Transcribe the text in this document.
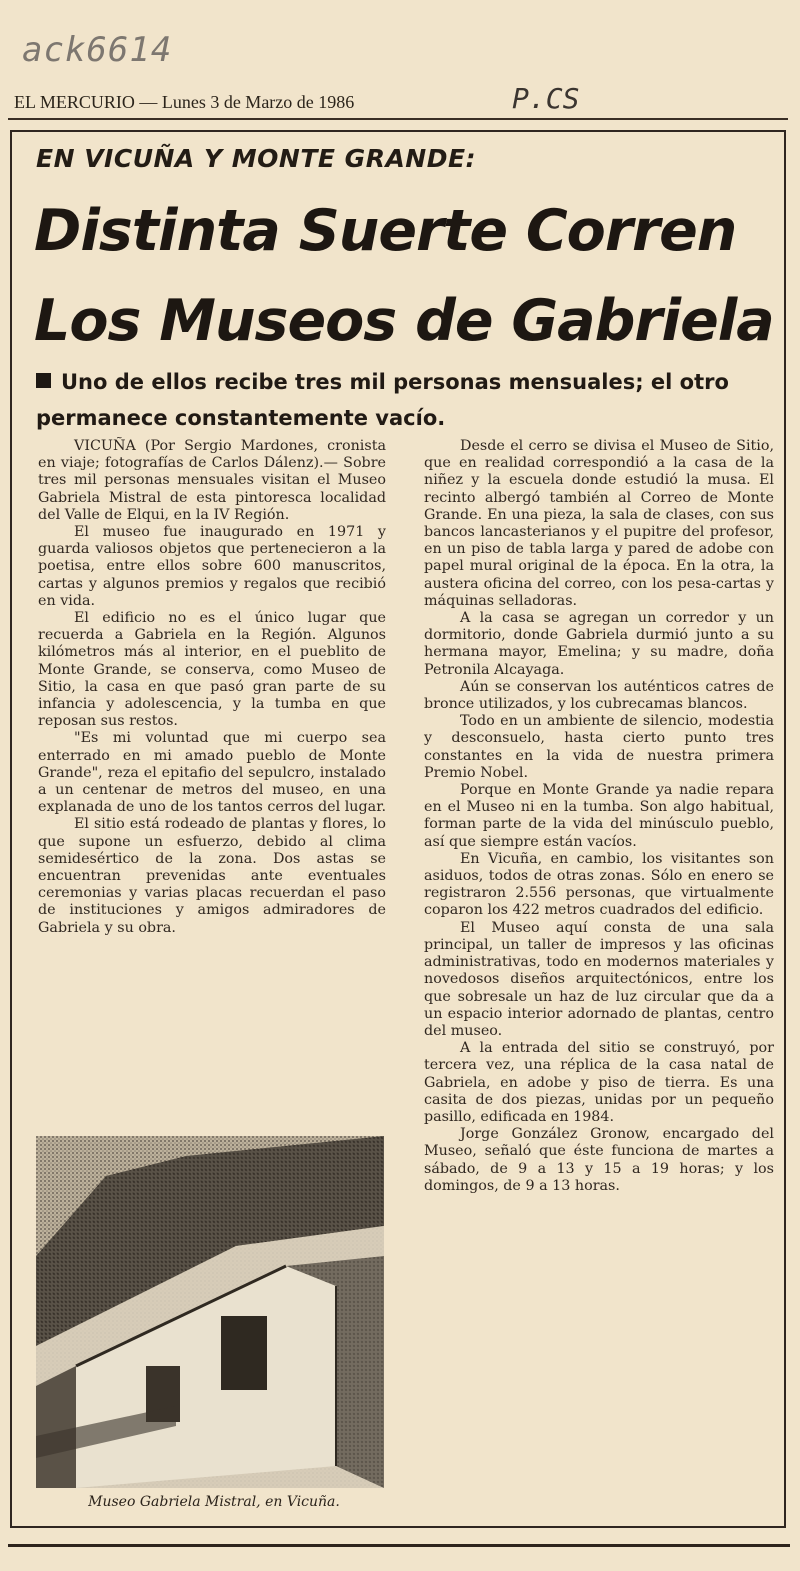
ack6614
EL MERCURIO — Lunes 3 de Marzo de 1986	P.CS
EN VICUÑA Y MONTE GRANDE:
Distinta Suerte Corren
Los Museos de Gabriela
Uno de ellos recibe tres mil personas mensuales; el otro permanece constantemente vacío.

VICUÑA (Por Sergio Mardones, cronista en viaje; fotografías de Carlos Dálenz).— Sobre tres mil personas mensuales visitan el Museo Gabriela Mistral de esta pintoresca localidad del Valle de Elqui, en la IV Región.

El museo fue inaugurado en 1971 y guarda valiosos objetos que pertenecieron a la poetisa, entre ellos sobre 600 manuscritos, cartas y algunos premios y regalos que recibió en vida.

El edificio no es el único lugar que recuerda a Gabriela en la Región. Algunos kilómetros más al interior, en el pueblito de Monte Grande, se conserva, como Museo de Sitio, la casa en que pasó gran parte de su infancia y adolescencia, y la tumba en que reposan sus restos.

"Es mi voluntad que mi cuerpo sea enterrado en mi amado pueblo de Monte Grande", reza el epitafio del sepulcro, instalado a un centenar de metros del museo, en una explanada de uno de los tantos cerros del lugar.

El sitio está rodeado de plantas y flores, lo que supone un esfuerzo, debido al clima semidesértico de la zona. Dos astas se encuentran prevenidas ante eventuales ceremonias y varias placas recuerdan el paso de instituciones y amigos admiradores de Gabriela y su obra.

Museo Gabriela Mistral, en Vicuña.

Desde el cerro se divisa el Museo de Sitio, que en realidad correspondió a la casa de la niñez y la escuela donde estudió la musa. El recinto albergó también al Correo de Monte Grande. En una pieza, la sala de clases, con sus bancos lancasterianos y el pupitre del profesor, en un piso de tabla larga y pared de adobe con papel mural original de la época. En la otra, la austera oficina del correo, con los pesa-cartas y máquinas selladoras.

A la casa se agregan un corredor y un dormitorio, donde Gabriela durmió junto a su hermana mayor, Emelina; y su madre, doña Petronila Alcayaga.

Aún se conservan los auténticos catres de bronce utilizados, y los cubrecamas blancos.

Todo en un ambiente de silencio, modestia y desconsuelo, hasta cierto punto tres constantes en la vida de nuestra primera Premio Nobel.

Porque en Monte Grande ya nadie repara en el Museo ni en la tumba. Son algo habitual, forman parte de la vida del minúsculo pueblo, así que siempre están vacíos.

En Vicuña, en cambio, los visitantes son asiduos, todos de otras zonas. Sólo en enero se registraron 2.556 personas, que virtualmente coparon los 422 metros cuadrados del edificio.

El Museo aquí consta de una sala principal, un taller de impresos y las oficinas administrativas, todo en modernos materiales y novedosos diseños arquitectónicos, entre los que sobresale un haz de luz circular que da a un espacio interior adornado de plantas, centro del museo.

A la entrada del sitio se construyó, por tercera vez, una réplica de la casa natal de Gabriela, en adobe y piso de tierra. Es una casita de dos piezas, unidas por un pequeño pasillo, edificada en 1984.

Jorge González Gronow, encargado del Museo, señaló que éste funciona de martes a sábado, de 9 a 13 y 15 a 19 horas; y los domingos, de 9 a 13 horas.
